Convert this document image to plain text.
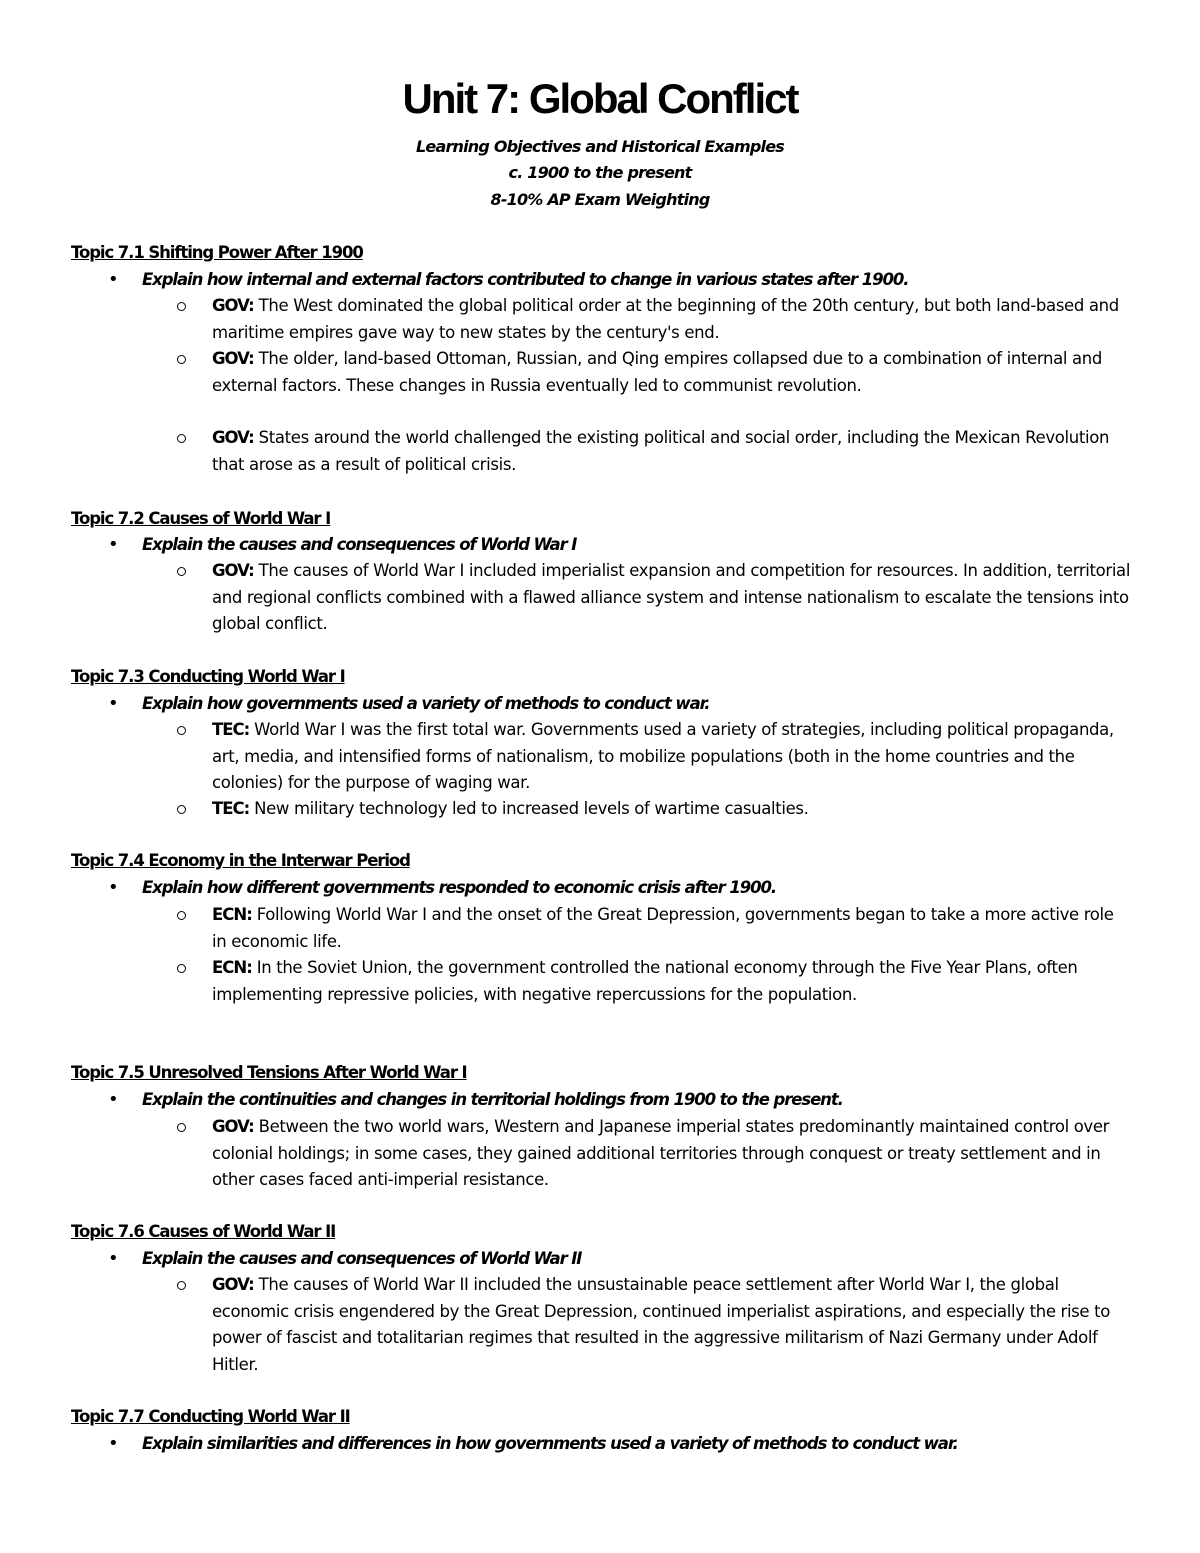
Unit 7: Global Conflict
Learning Objectives and Historical Examples
c. 1900 to the present
8-10% AP Exam Weighting
Topic 7.1 Shifting Power After 1900
• Explain how internal and external factors contributed to change in various states after 1900.
GOV: The West dominated the global political order at the beginning of the 20th century, but both land-based and maritime empires gave way to new states by the century's end.
GOV: The older, land-based Ottoman, Russian, and Qing empires collapsed due to a combination of internal and external factors. These changes in Russia eventually led to communist revolution.
GOV: States around the world challenged the existing political and social order, including the Mexican Revolution that arose as a result of political crisis.
Topic 7.2 Causes of World War I
• Explain the causes and consequences of World War I
GOV: The causes of World War I included imperialist expansion and competition for resources. In addition, territorial and regional conflicts combined with a flawed alliance system and intense nationalism to escalate the tensions into global conflict.
Topic 7.3 Conducting World War I
• Explain how governments used a variety of methods to conduct war.
TEC: World War I was the first total war. Governments used a variety of strategies, including political propaganda, art, media, and intensified forms of nationalism, to mobilize populations (both in the home countries and the colonies) for the purpose of waging war.
TEC: New military technology led to increased levels of wartime casualties.
Topic 7.4 Economy in the Interwar Period
• Explain how different governments responded to economic crisis after 1900.
ECN: Following World War I and the onset of the Great Depression, governments began to take a more active role in economic life.
ECN: In the Soviet Union, the government controlled the national economy through the Five Year Plans, often implementing repressive policies, with negative repercussions for the population.
Topic 7.5 Unresolved Tensions After World War I
• Explain the continuities and changes in territorial holdings from 1900 to the present.
GOV: Between the two world wars, Western and Japanese imperial states predominantly maintained control over colonial holdings; in some cases, they gained additional territories through conquest or treaty settlement and in other cases faced anti-imperial resistance.
Topic 7.6 Causes of World War II
• Explain the causes and consequences of World War II
GOV: The causes of World War II included the unsustainable peace settlement after World War I, the global economic crisis engendered by the Great Depression, continued imperialist aspirations, and especially the rise to power of fascist and totalitarian regimes that resulted in the aggressive militarism of Nazi Germany under Adolf Hitler.
Topic 7.7 Conducting World War II
• Explain similarities and differences in how governments used a variety of methods to conduct war.
